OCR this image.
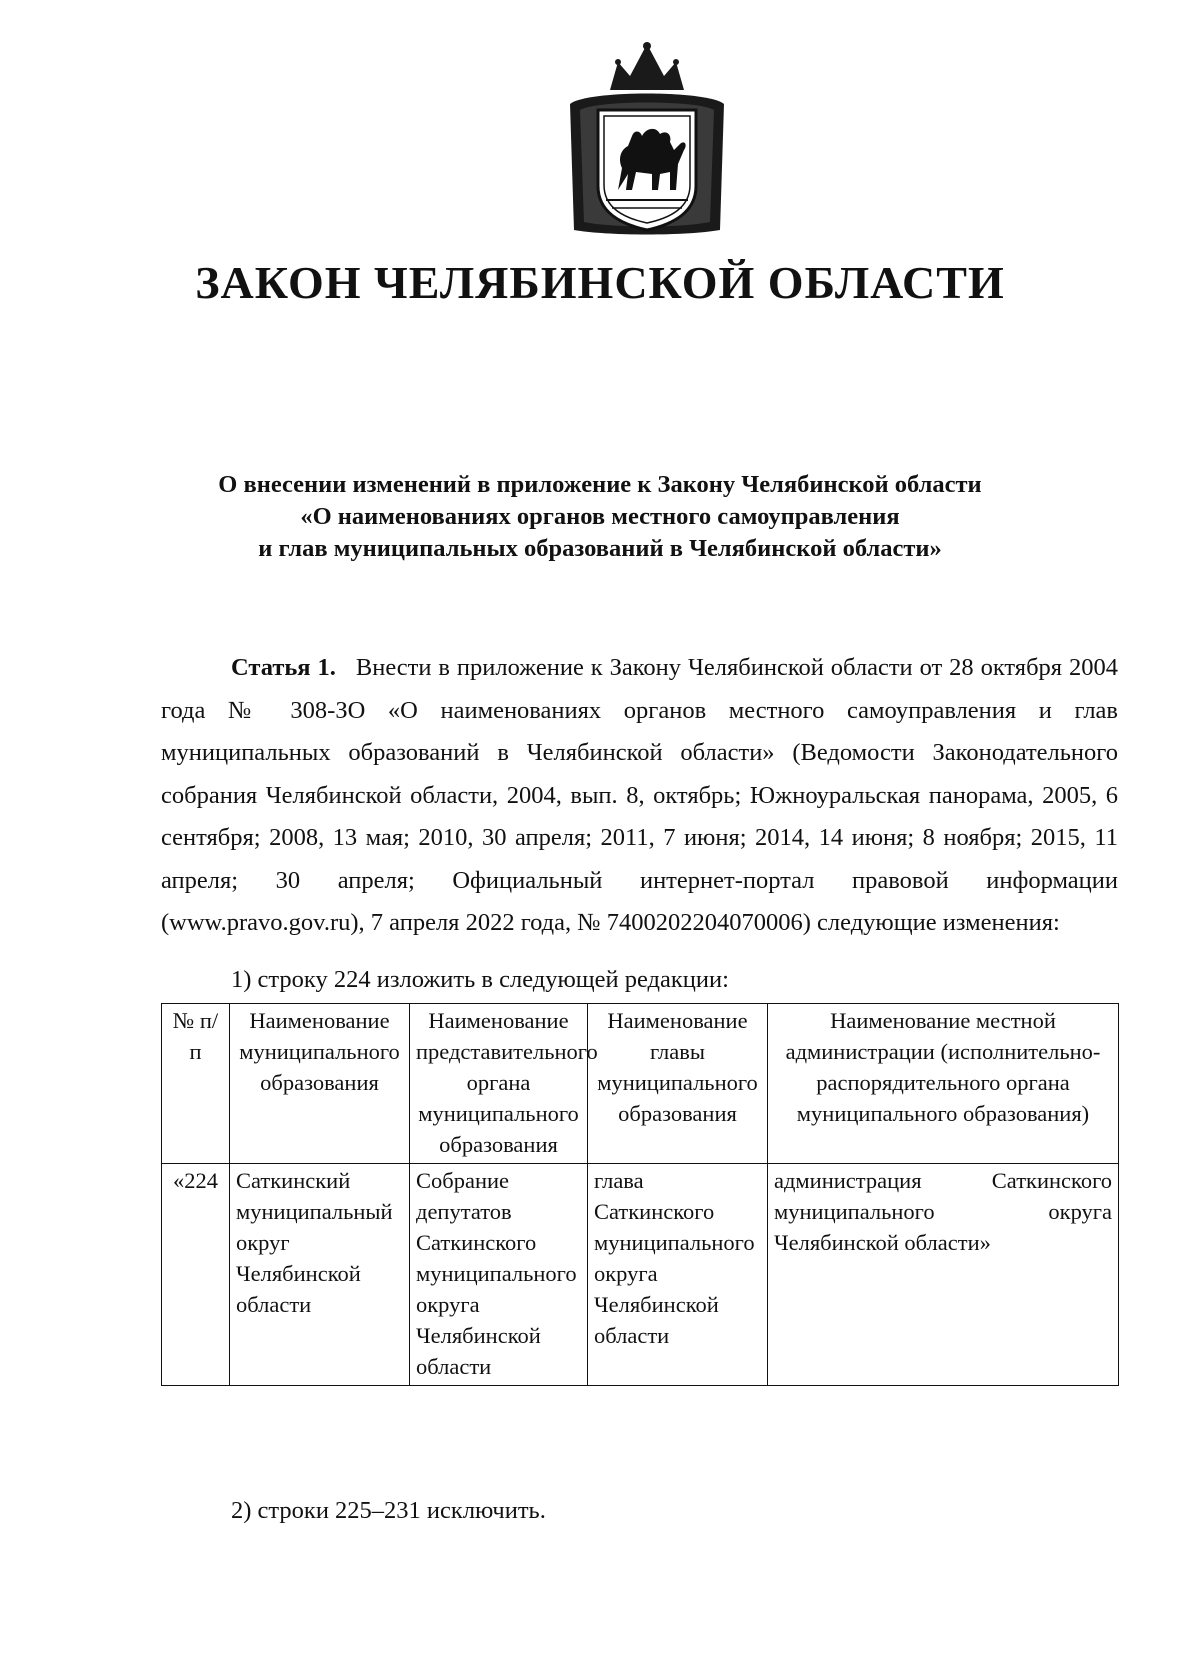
ЗАКОН ЧЕЛЯБИНСКОЙ ОБЛАСТИ
О внесении изменений в приложение к Закону Челябинской области
«О наименованиях органов местного самоуправления
и глав муниципальных образований в Челябинской области»

Статья 1. Внести в приложение к Закону Челябинской области от 28 октября 2004 года № 308-ЗО «О наименованиях органов местного самоуправления и глав муниципальных образований в Челябинской области» (Ведомости Законодательного собрания Челябинской области, 2004, вып. 8, октябрь; Южноуральская панорама, 2005, 6 сентября; 2008, 13 мая; 2010, 30 апреля; 2011, 7 июня; 2014, 14 июня; 8 ноября; 2015, 11 апреля; 30 апреля; Официальный интернет-портал правовой информации (www.pravo.gov.ru), 7 апреля 2022 года, № 7400202204070006) следующие изменения:

1) строку 224 изложить в следующей редакции:

№ п/п	Наименование муниципального образования	Наименование представительного органа муниципального образования	Наименование главы муниципального образования	Наименование местной администрации (исполнительно-распорядительного органа муниципального образования)
«224	Саткинский муниципальный округ Челябинской области	Собрание депутатов Саткинского муниципального округа Челябинской области	глава Саткинского муниципального округа Челябинской области	администрация Саткинского муниципального округа Челябинской области»

2) строки 225–231 исключить.
